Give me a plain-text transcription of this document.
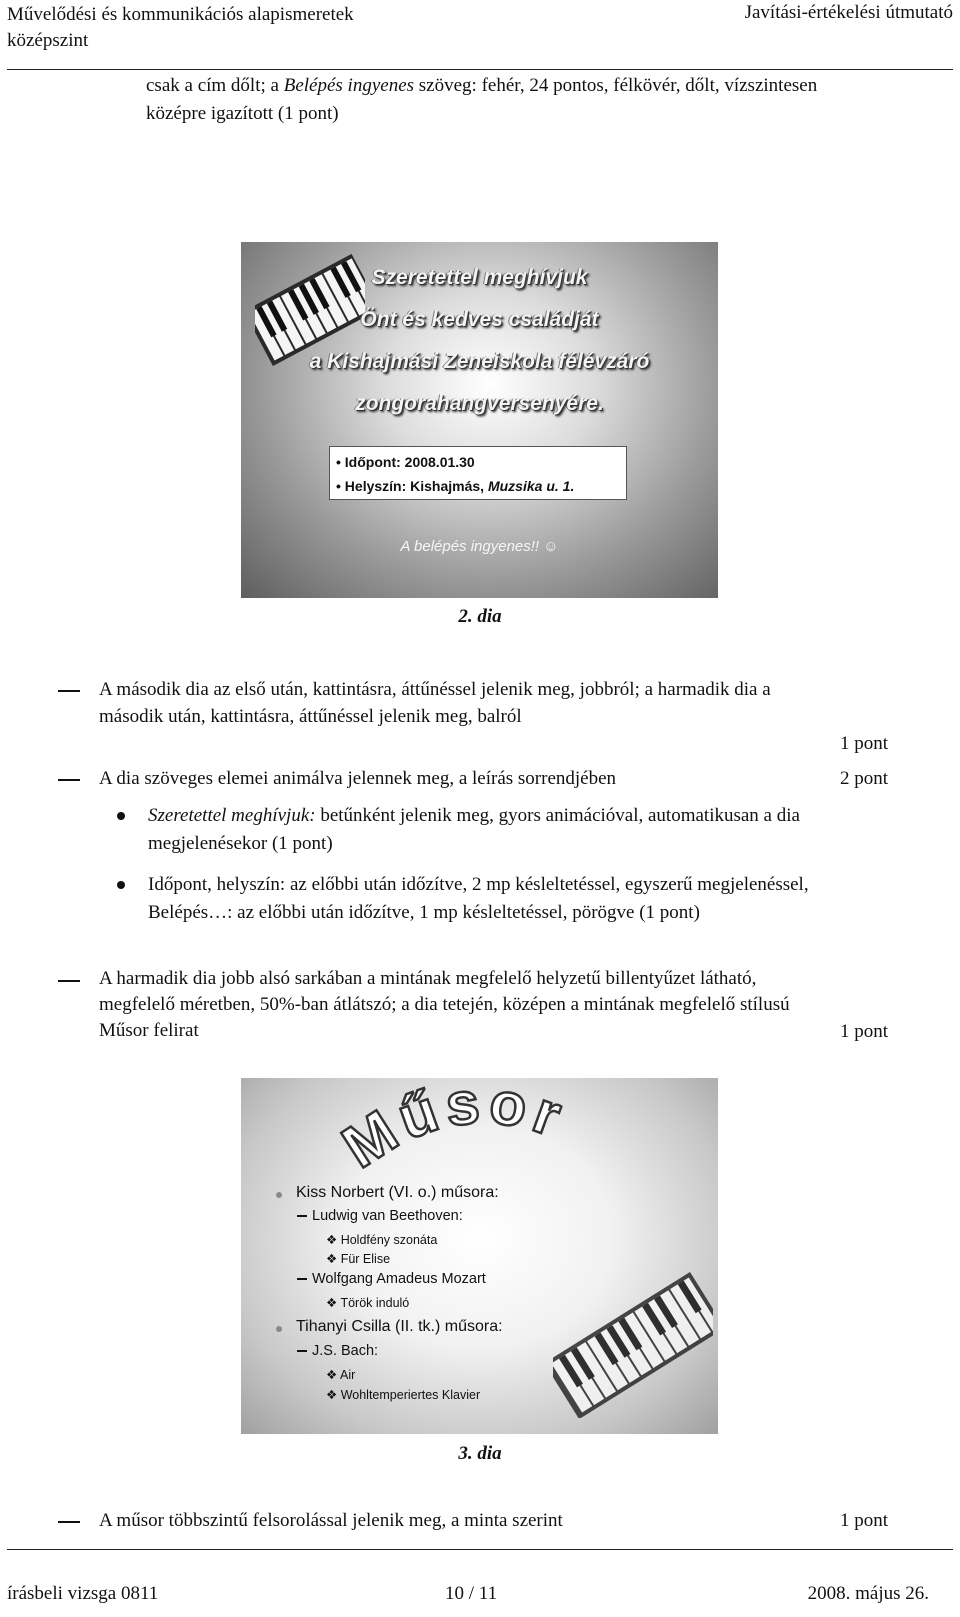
Művelődési és kommunikációs alapismeretek
középszint
Javítási-értékelési útmutató
csak a cím dőlt; a Belépés ingyenes szöveg: fehér, 24 pontos, félkövér, dőlt, vízszintesen középre igazított (1 pont)
Szeretettel meghívjuk
Önt és kedves családját
a Kishajmási Zeneiskola félévzáró
zongorahangversenyére.
• Időpont: 2008.01.30
• Helyszín: Kishajmás, Muzsika u. 1.
A belépés ingyenes!! ☺
2. dia
A második dia az első után, kattintásra, áttűnéssel jelenik meg, jobbról; a harmadik dia a második után, kattintásra, áttűnéssel jelenik meg, balról
1 pont
A dia szöveges elemei animálva jelennek meg, a leírás sorrendjében	2 pont
Szeretettel meghívjuk: betűnként jelenik meg, gyors animációval, automatikusan a dia megjelenésekor (1 pont)
Időpont, helyszín: az előbbi után időzítve, 2 mp késleltetéssel, egyszerű megjelenéssel, Belépés…: az előbbi után időzítve, 1 mp késleltetéssel, pörögve (1 pont)
A harmadik dia jobb alsó sarkában a mintának megfelelő helyzetű billentyűzet látható, megfelelő méretben, 50%-ban átlátszó; a dia tetején, középen a mintának megfelelő stílusú Műsor felirat	1 pont
Műsor
Kiss Norbert (VI. o.) műsora:
Ludwig van Beethoven:
❖ Holdfény szonáta
❖ Für Elise
Wolfgang Amadeus Mozart
❖ Török induló
Tihanyi Csilla (II. tk.) műsora:
J.S. Bach:
❖ Air
❖ Wohltemperiertes Klavier
3. dia
A műsor többszintű felsorolással jelenik meg, a minta szerint	1 pont
írásbeli vizsga 0811	10 / 11	2008. május 26.
